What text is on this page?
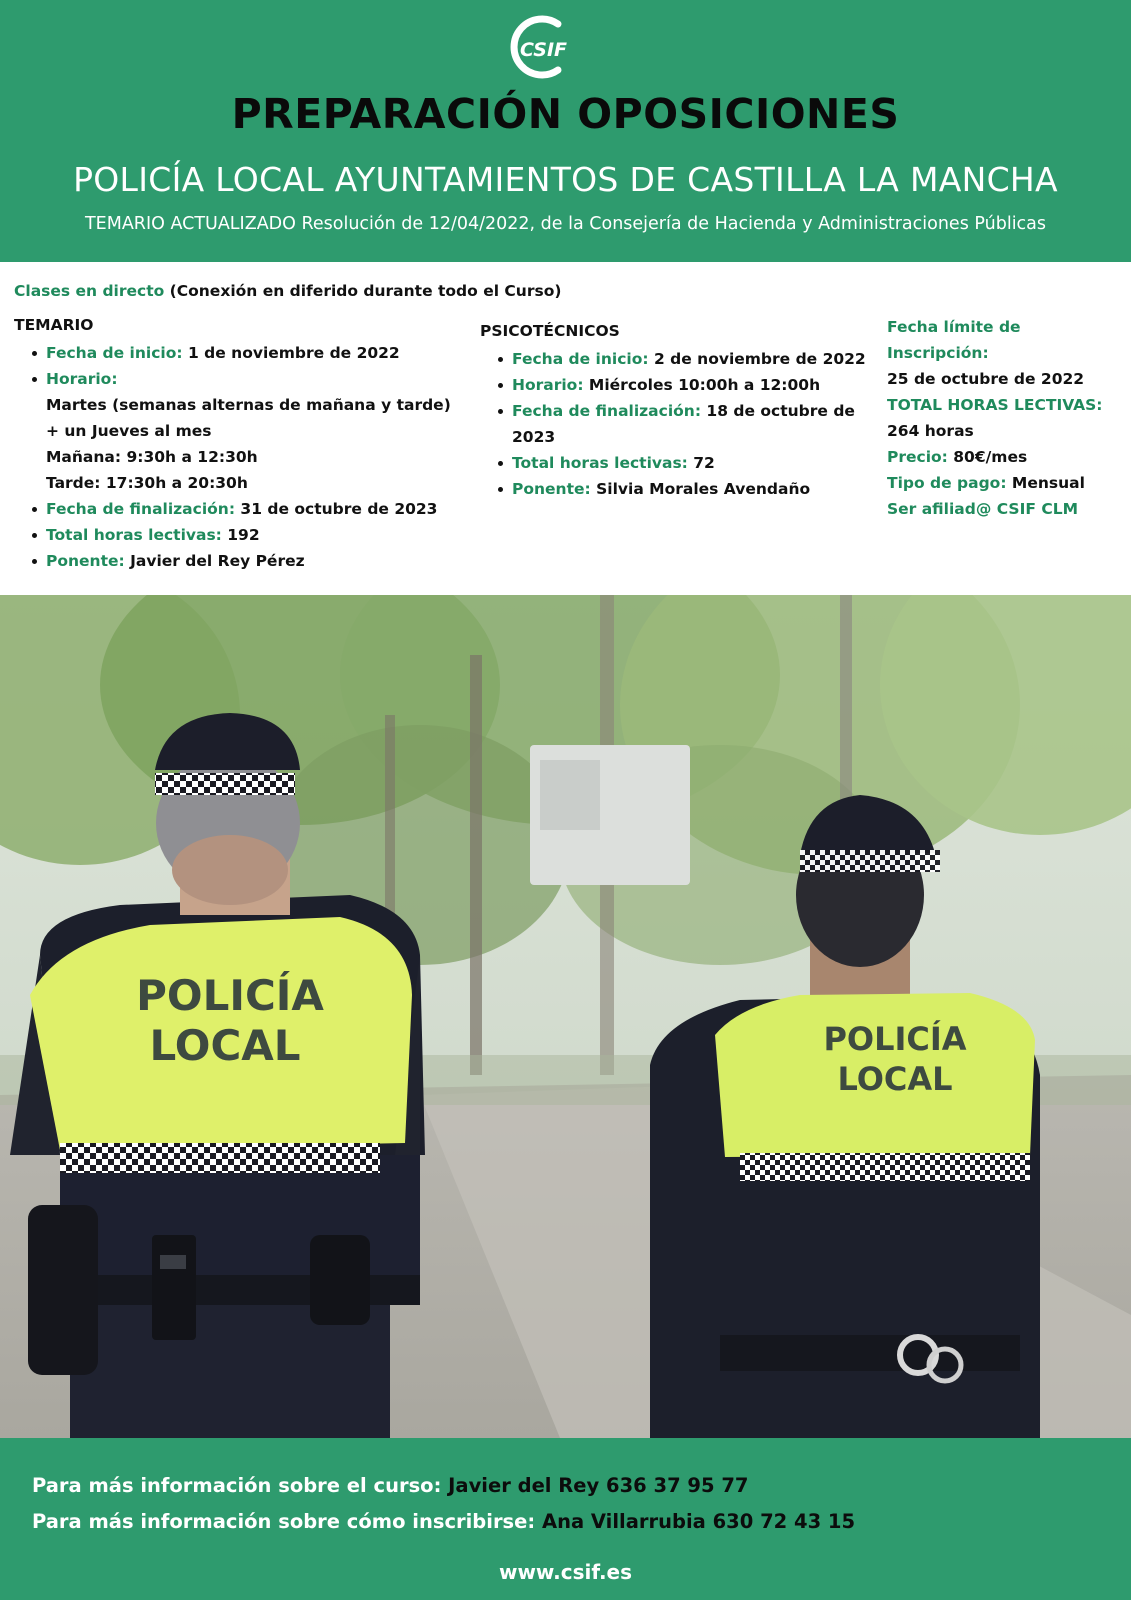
CSIF
PREPARACIÓN OPOSICIONES
POLICÍA LOCAL AYUNTAMIENTOS DE CASTILLA LA MANCHA
TEMARIO ACTUALIZADO Resolución de 12/04/2022, de la Consejería de Hacienda y Administraciones Públicas
Clases en directo (Conexión en diferido durante todo el Curso)
TEMARIO
Fecha de inicio: 1 de noviembre de 2022
Horario:
Martes (semanas alternas de mañana y tarde)
+ un Jueves al mes
Mañana: 9:30h a 12:30h
Tarde: 17:30h a 20:30h
Fecha de finalización: 31 de octubre de 2023
Total horas lectivas: 192
Ponente: Javier del Rey Pérez
PSICOTÉCNICOS
Fecha de inicio: 2 de noviembre de 2022
Horario: Miércoles 10:00h a 12:00h
Fecha de finalización: 18 de octubre de 2023
Total horas lectivas: 72
Ponente: Silvia Morales Avendaño
Fecha límite de Inscripción:
25 de octubre de 2022
TOTAL HORAS LECTIVAS:
264 horas
Precio: 80€/mes
Tipo de pago: Mensual
Ser afiliad@ CSIF CLM
POLICÍA
LOCAL	POLICÍA
LOCAL
Para más información sobre el curso: Javier del Rey 636 37 95 77
Para más información sobre cómo inscribirse: Ana Villarrubia 630 72 43 15
www.csif.es
